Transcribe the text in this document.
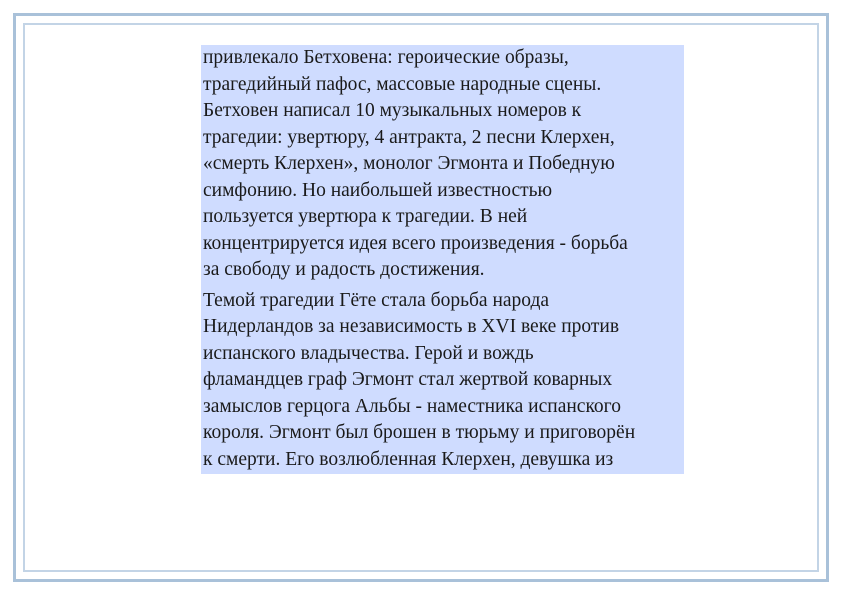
привлекало Бетховена: героические образы,
трагедийный пафос, массовые народные сцены.
Бетховен написал 10 музыкальных номеров к
трагедии: увертюру, 4 антракта, 2 песни Клерхен,
«смерть Клерхен», монолог Эгмонта и Победную
симфонию. Но наибольшей известностью
пользуется увертюра к трагедии. В ней
концентрируется идея всего произведения - борьба
за свободу и радость достижения.

Темой трагедии Гёте стала борьба народа
Нидерландов за независимость в XVI веке против
испанского владычества. Герой и вождь
фламандцев граф Эгмонт стал жертвой коварных
замыслов герцога Альбы - наместника испанского
короля. Эгмонт был брошен в тюрьму и приговорён
к смерти. Его возлюбленная Клерхен, девушка из
